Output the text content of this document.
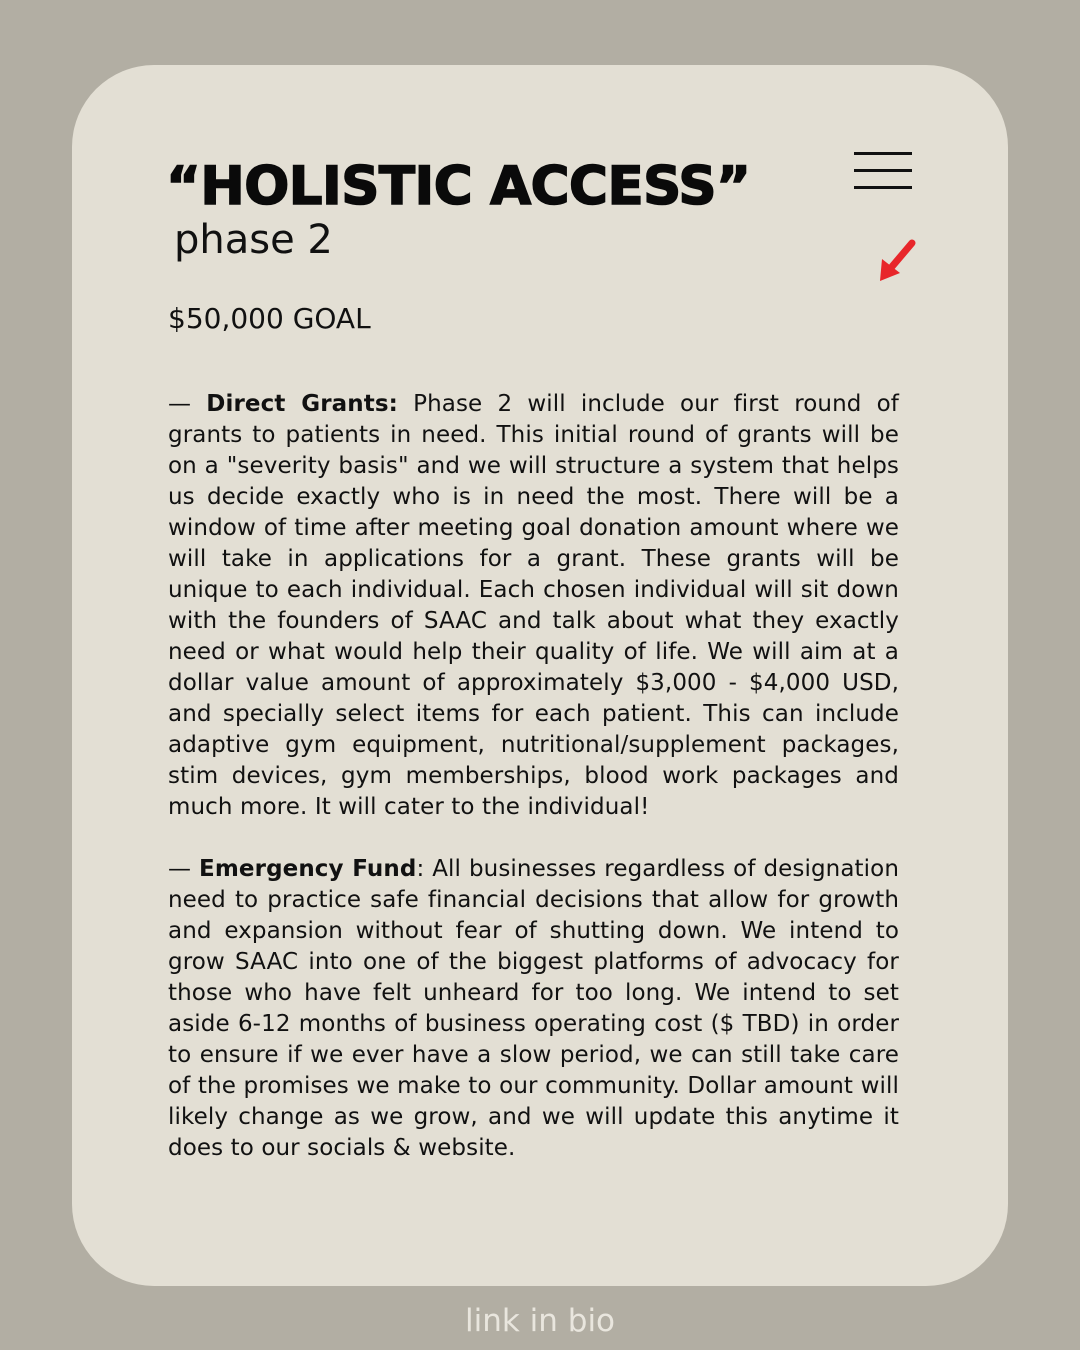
“HOLISTIC ACCESS”
phase 2
$50,000 GOAL

— Direct Grants: Phase 2 will include our first round of grants to patients in need. This initial round of grants will be on a "severity basis" and we will structure a system that helps us decide exactly who is in need the most. There will be a window of time after meeting goal donation amount where we will take in applications for a grant. These grants will be unique to each individual. Each chosen individual will sit down with the founders of SAAC and talk about what they exactly need or what would help their quality of life. We will aim at a dollar value amount of approximately $3,000 - $4,000 USD, and specially select items for each patient. This can include adaptive gym equipment, nutritional/supplement packages, stim devices, gym memberships, blood work packages and much more. It will cater to the individual!

— Emergency Fund: All businesses regardless of designation need to practice safe financial decisions that allow for growth and expansion without fear of shutting down. We intend to grow SAAC into one of the biggest platforms of advocacy for those who have felt unheard for too long. We intend to set aside 6-12 months of business operating cost ($ TBD) in order to ensure if we ever have a slow period, we can still take care of the promises we make to our community. Dollar amount will likely change as we grow, and we will update this anytime it does to our socials & website.

link in bio
